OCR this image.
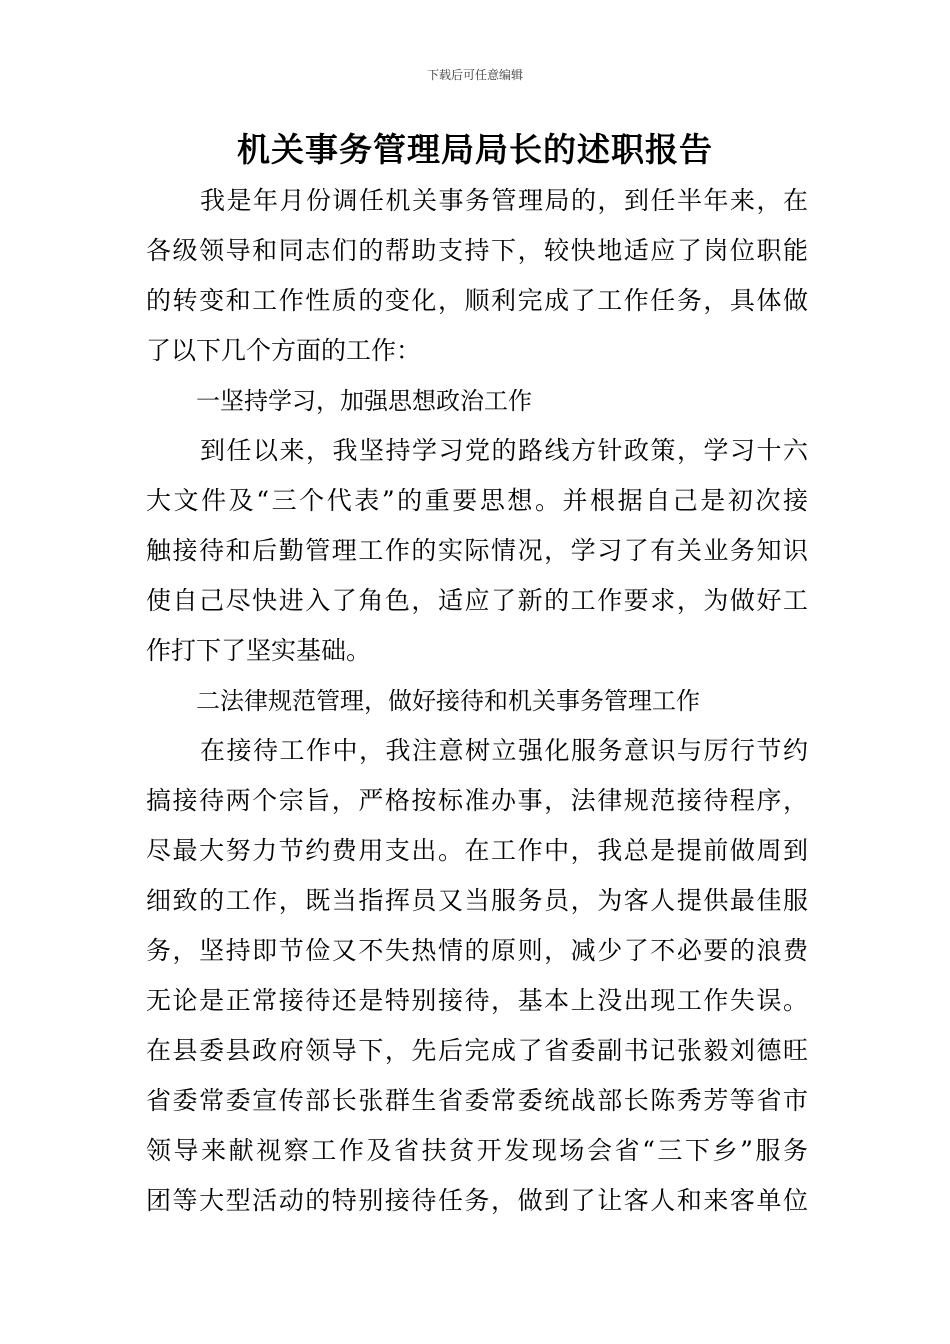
下载后可任意编辑
机关事务管理局局长的述职报告
我是年月份调任机关事务管理局的，到任半年来，在
各级领导和同志们的帮助支持下，较快地适应了岗位职能
的转变和工作性质的变化，顺利完成了工作任务，具体做
了以下几个方面的工作：
一坚持学习，加强思想政治工作
到任以来，我坚持学习党的路线方针政策，学习十六
大文件及“三个代表”的重要思想。并根据自己是初次接
触接待和后勤管理工作的实际情况，学习了有关业务知识
使自己尽快进入了角色，适应了新的工作要求，为做好工
作打下了坚实基础。
二法律规范管理，做好接待和机关事务管理工作
在接待工作中，我注意树立强化服务意识与厉行节约
搞接待两个宗旨，严格按标准办事，法律规范接待程序，
尽最大努力节约费用支出。在工作中，我总是提前做周到
细致的工作，既当指挥员又当服务员，为客人提供最佳服
务，坚持即节俭又不失热情的原则，减少了不必要的浪费
无论是正常接待还是特别接待，基本上没出现工作失误。
在县委县政府领导下，先后完成了省委副书记张毅刘德旺
省委常委宣传部长张群生省委常委统战部长陈秀芳等省市
领导来献视察工作及省扶贫开发现场会省“三下乡”服务
团等大型活动的特别接待任务，做到了让客人和来客单位
